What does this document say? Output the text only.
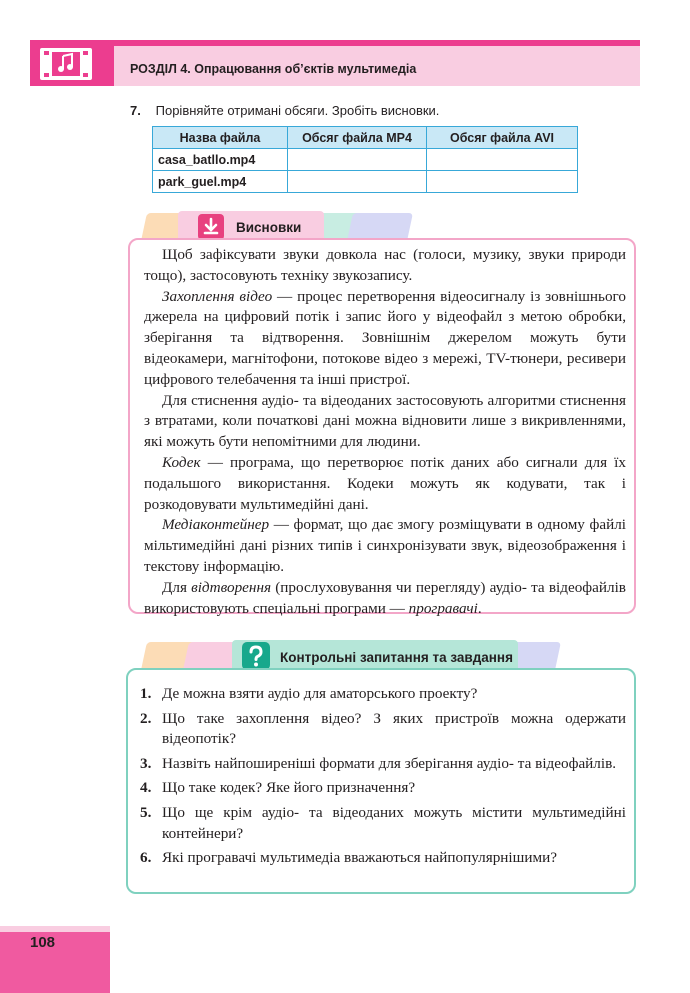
РОЗДІЛ 4. Опрацювання об’єктів мультимедіа
7. Порівняйте отримані обсяги. Зробіть висновки.
Назва файла	Обсяг файла MP4	Обсяг файла AVI
casa_batllo.mp4		
park_guel.mp4		
Висновки

Щоб зафіксувати звуки довкола нас (голоси, музику, звуки природи тощо), застосовують техніку звукозапису.

Захоплення відео — процес перетворення відеосигналу із зовнішнього джерела на цифровий потік і запис його у відеофайл з метою обробки, зберігання та відтворення. Зовнішнім джерелом можуть бути відеокамери, магнітофони, потокове відео з мережі, TV-тюнери, ресивери цифрового телебачення та інші пристрої.

Для стиснення аудіо- та відеоданих застосовують алгоритми стиснення з втратами, коли початкові дані можна відновити лише з викривленнями, які можуть бути непомітними для людини.

Кодек — програма, що перетворює потік даних або сигнали для їх подальшого використання. Кодеки можуть як кодувати, так і розкодовувати мультимедійні дані.

Медіаконтейнер — формат, що дає змогу розміщувати в одному файлі мільтимедійні дані різних типів і синхронізувати звук, відеозображення і текстову інформацію.

Для відтворення (прослуховування чи перегляду) аудіо- та відеофайлів використовують спеціальні програми — програвачі.

Контрольні запитання та завдання
1. Де можна взяти аудіо для аматорського проекту?
2. Що таке захоплення відео? З яких пристроїв можна одержати відеопотік?
3. Назвіть найпоширеніші формати для зберігання аудіо- та відеофайлів.
4. Що таке кодек? Яке його призначення?
5. Що ще крім аудіо- та відеоданих можуть містити мультимедійні контейнери?
6. Які програвачі мультимедіа вважаються найпопулярнішими?
108
